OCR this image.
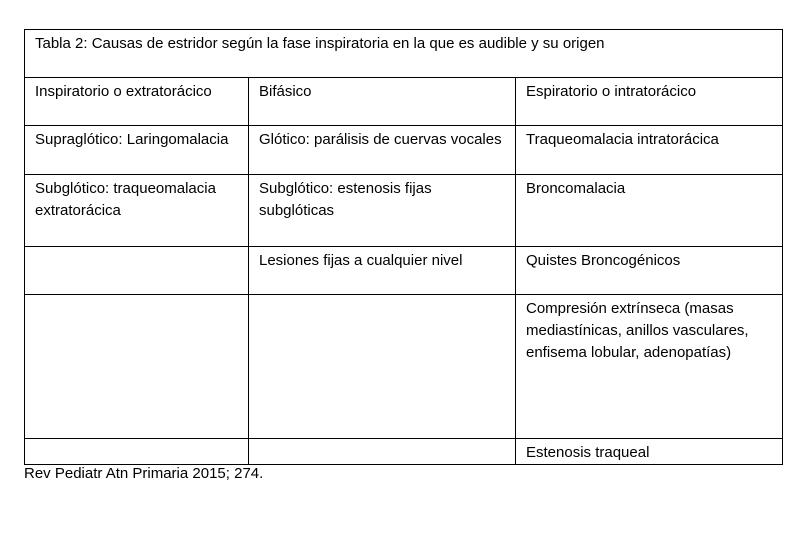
Tabla 2: Causas de estridor según la fase inspiratoria en la que es audible y su origen		
Inspiratorio o extratorácico	Bifásico	Espiratorio o intratorácico
Supraglótico: Laringomalacia	Glótico: parálisis de cuervas vocales	Traqueomalacia intratorácica
Subglótico: traqueomalacia extratorácica	Subglótico: estenosis fijas subglóticas	Broncomalacia
	Lesiones fijas a cualquier nivel	Quistes Broncogénicos
		Compresión extrínseca (masas mediastínicas, anillos vasculares, enfisema lobular, adenopatías)
		Estenosis traqueal
Rev Pediatr Atn Primaria 2015; 274.
